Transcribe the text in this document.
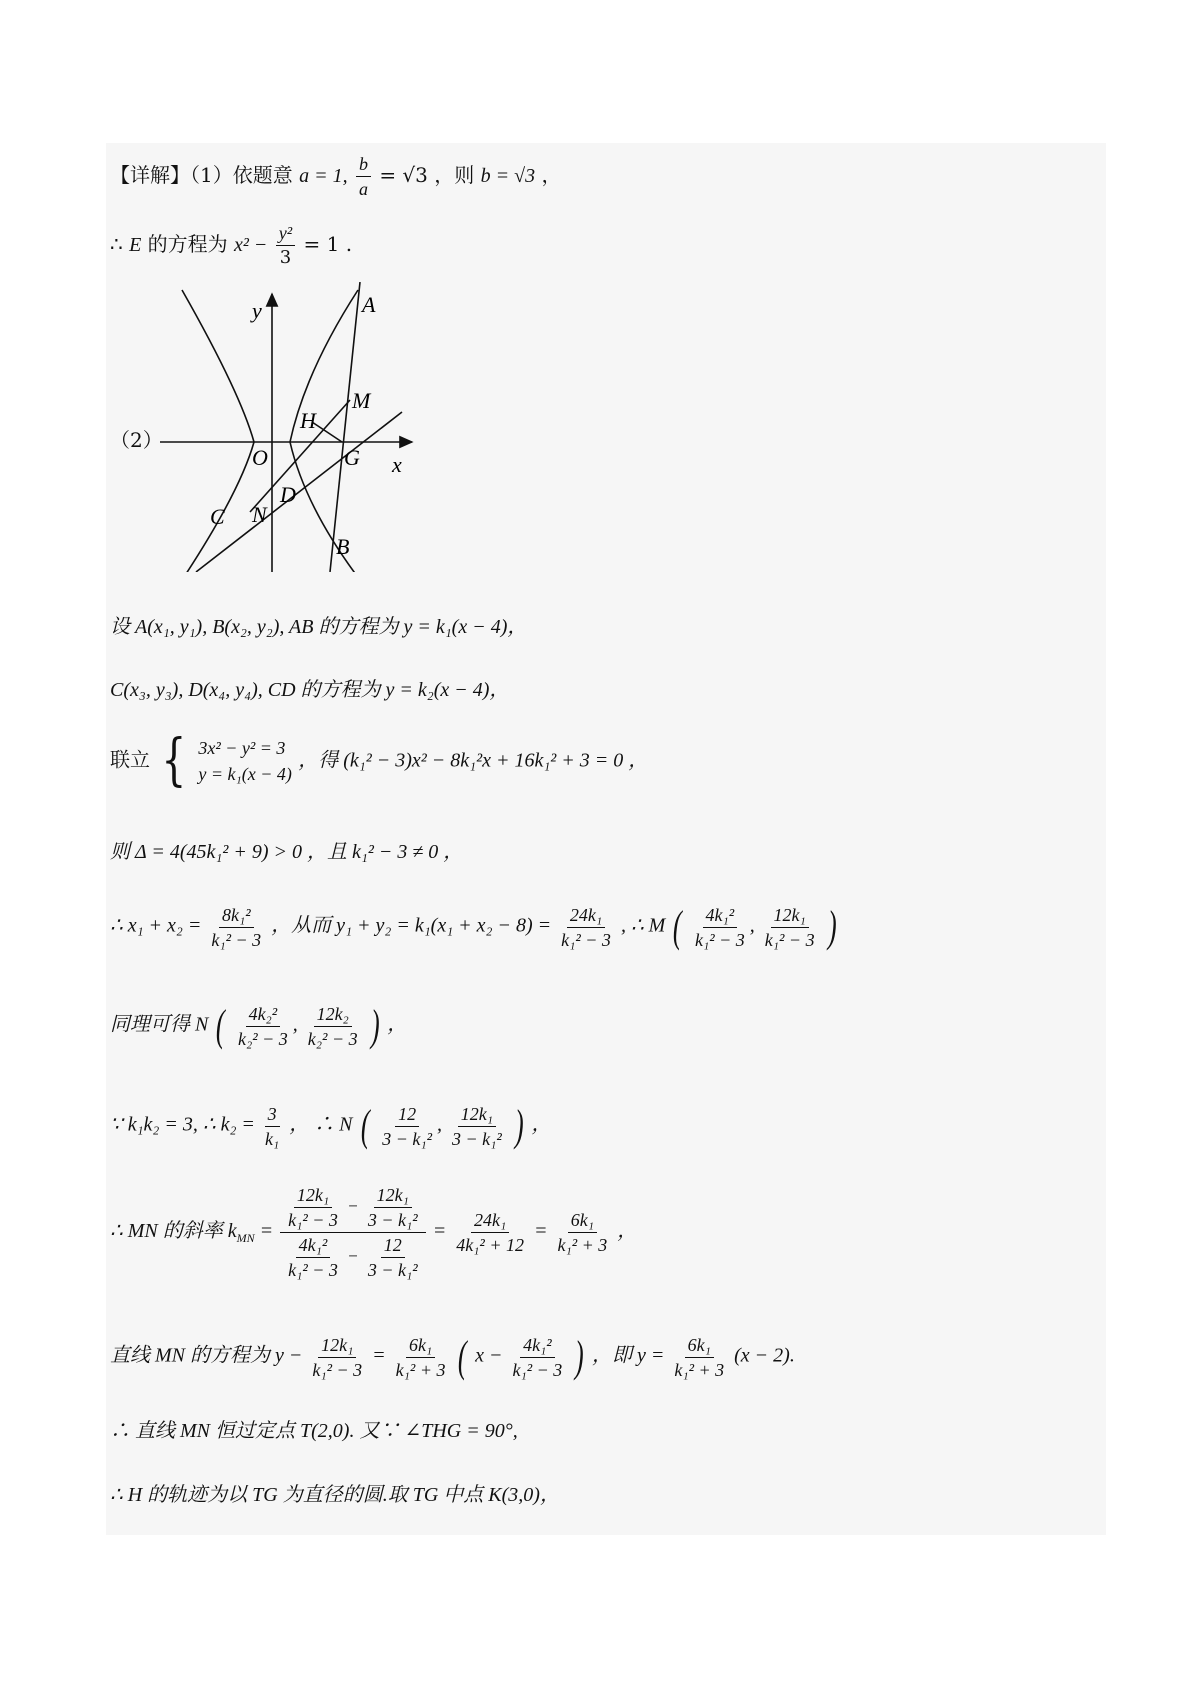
【详解】（1）依题意 a = 1, $\frac{b}{a} = √3$ ，则 b = √3 ，
∴ E 的方程为 $x^2 - \frac{\text{y²}}{3} = 1$ .
（2）
y
x
O	G
A
B
M
H
N
C
D
设 A(x₁, y₁), B(x₂, y₂), AB 的方程为 y = k₁(x − 4)，
C(x₃, y₃), D(x₄, y₄), CD 的方程为 y = k₂(x − 4)，
联立 { 3x² − y² = 3
y = k₁(x − 4)
，得 (k₁² − 3)x² − 8k₁²x + 16k₁² + 3 = 0 ，
则 Δ = 4(45k₁² + 9) > 0 ，且 k₁² − 3 ≠ 0 ，
∴ $x_1 + x_2 = \frac{\text{8k₁²}}{\text{k₁² − 3}}$ ，从而 $y_1 + y_2 = k_1(x_1 + x_2 - 8) = \frac{\text{24k₁}}{\text{k₁² − 3}}$ , ∴ M ( $\frac{\text{4k₁²}}{\text{k₁² − 3}}$ , $\frac{\text{12k₁}}{\text{k₁² − 3}}$ )
同理可得 N ( $\frac{\text{4k₂²}}{\text{k₂² − 3}}$ , $\frac{\text{12k₂}}{\text{k₂² − 3}}$ ) ，
∵ k₁k₂ = 3, ∴ $k_2 = \frac{3}{\text{k₁}}$ ， ∴ N ( $\frac{12}{\text{3 − k₁²}}$ , $\frac{\text{12k₁}}{\text{3 − k₁²}}$ ) ，
∴ MN 的斜率 $k_{MN} = \frac{\frac{\text{12k₁}}{\text{k₁² − 3}} - \frac{\text{12k₁}}{\text{3 − k₁²}}}{\frac{\text{4k₁²}}{\text{k₁² − 3}} - \frac{12}{\text{3 − k₁²}}} = \frac{\text{24k₁}}{\text{4k₁² + 12}} = \frac{\text{6k₁}}{\text{k₁² + 3}}$ ，
直线 MN 的方程为 $y - \frac{\text{12k₁}}{\text{k₁² − 3}} = \frac{\text{6k₁}}{\text{k₁² + 3}}$ ( $x - \frac{\text{4k₁²}}{\text{k₁² − 3}}$ ) ，即 $y = \frac{\text{6k₁}}{\text{k₁² + 3}} (x - 2)$.
∴ 直线 MN 恒过定点 T(2,0). 又∵ ∠THG = 90°,
∴ H 的轨迹为以 TG 为直径的圆.取 TG 中点 K(3,0)，
